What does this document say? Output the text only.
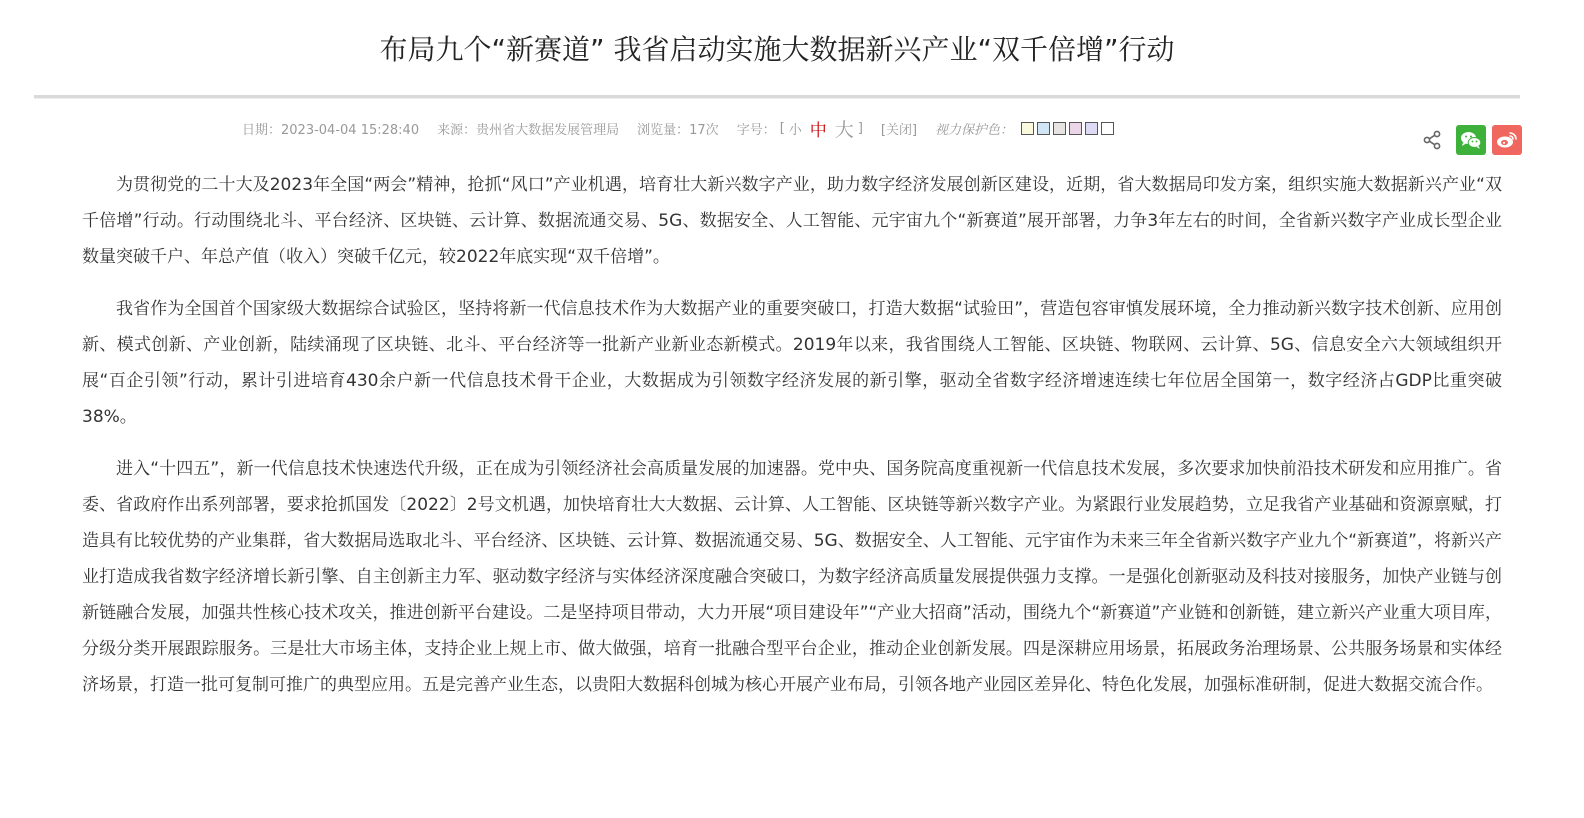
布局九个“新赛道” 我省启动实施大数据新兴产业“双千倍增”行动
日期：2023-04-04 15:28:40 来源：贵州省大数据发展管理局 浏览量：17次 字号： [ 小 中 大 ] [关闭] 视力保护色：

为贯彻党的二十大及2023年全国“两会”精神，抢抓“风口”产业机遇，培育壮大新兴数字产业，助力数字经济发展创新区建设，近期，省大数据局印发方案，组织实施大数据新兴产业“双千倍增”行动。行动围绕北斗、平台经济、区块链、云计算、数据流通交易、5G、数据安全、人工智能、元宇宙九个“新赛道”展开部署，力争3年左右的时间，全省新兴数字产业成长型企业数量突破千户、年总产值（收入）突破千亿元，较2022年底实现“双千倍增”。

我省作为全国首个国家级大数据综合试验区，坚持将新一代信息技术作为大数据产业的重要突破口，打造大数据“试验田”，营造包容审慎发展环境，全力推动新兴数字技术创新、应用创新、模式创新、产业创新，陆续涌现了区块链、北斗、平台经济等一批新产业新业态新模式。2019年以来，我省围绕人工智能、区块链、物联网、云计算、5G、信息安全六大领域组织开展“百企引领”行动，累计引进培育430余户新一代信息技术骨干企业，大数据成为引领数字经济发展的新引擎，驱动全省数字经济增速连续七年位居全国第一，数字经济占GDP比重突破38%。

进入“十四五”，新一代信息技术快速迭代升级，正在成为引领经济社会高质量发展的加速器。党中央、国务院高度重视新一代信息技术发展，多次要求加快前沿技术研发和应用推广。省委、省政府作出系列部署，要求抢抓国发〔2022〕2号文机遇，加快培育壮大大数据、云计算、人工智能、区块链等新兴数字产业。为紧跟行业发展趋势，立足我省产业基础和资源禀赋，打造具有比较优势的产业集群，省大数据局选取北斗、平台经济、区块链、云计算、数据流通交易、5G、数据安全、人工智能、元宇宙作为未来三年全省新兴数字产业九个“新赛道”，将新兴产业打造成我省数字经济增长新引擎、自主创新主力军、驱动数字经济与实体经济深度融合突破口，为数字经济高质量发展提供强力支撑。一是强化创新驱动及科技对接服务，加快产业链与创新链融合发展，加强共性核心技术攻关，推进创新平台建设。二是坚持项目带动，大力开展“项目建设年”“产业大招商”活动，围绕九个“新赛道”产业链和创新链，建立新兴产业重大项目库，分级分类开展跟踪服务。三是壮大市场主体，支持企业上规上市、做大做强，培育一批融合型平台企业，推动企业创新发展。四是深耕应用场景，拓展政务治理场景、公共服务场景和实体经济场景，打造一批可复制可推广的典型应用。五是完善产业生态，以贵阳大数据科创城为核心开展产业布局，引领各地产业园区差异化、特色化发展，加强标准研制，促进大数据交流合作。
